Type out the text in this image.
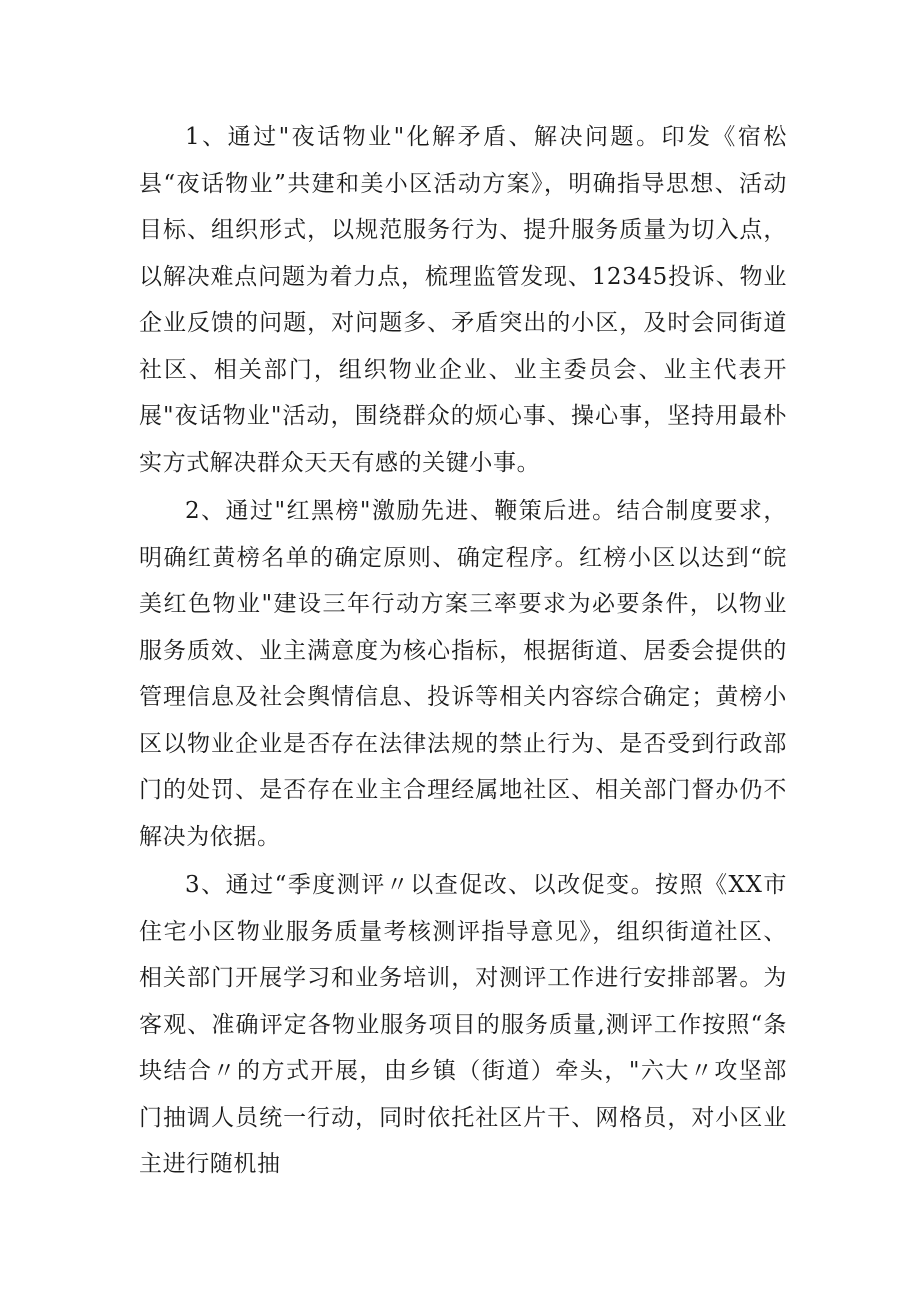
1、通过"夜话物业"化解矛盾、解决问题。印发《宿松县“夜话物业”共建和美小区活动方案》，明确指导思想、活动目标、组织形式，以规范服务行为、提升服务质量为切入点，以解决难点问题为着力点，梳理监管发现、12345投诉、物业企业反馈的问题，对问题多、矛盾突出的小区，及时会同街道社区、相关部门，组织物业企业、业主委员会、业主代表开展"夜话物业"活动，围绕群众的烦心事、操心事，坚持用最朴实方式解决群众天天有感的关键小事。

2、通过"红黑榜"激励先进、鞭策后进。结合制度要求，明确红黄榜名单的确定原则、确定程序。红榜小区以达到“皖美红色物业"建设三年行动方案三率要求为必要条件，以物业服务质效、业主满意度为核心指标，根据街道、居委会提供的管理信息及社会舆情信息、投诉等相关内容综合确定；黄榜小区以物业企业是否存在法律法规的禁止行为、是否受到行政部门的处罚、是否存在业主合理经属地社区、相关部门督办仍不解决为依据。

3、通过“季度测评〃以查促改、以改促变。按照《XX市住宅小区物业服务质量考核测评指导意见》，组织街道社区、相关部门开展学习和业务培训，对测评工作进行安排部署。为客观、准确评定各物业服务项目的服务质量,测评工作按照“条块结合〃的方式开展，由乡镇（街道）牵头，"六大〃攻坚部门抽调人员统一行动，同时依托社区片干、网格员，对小区业主进行随机抽
